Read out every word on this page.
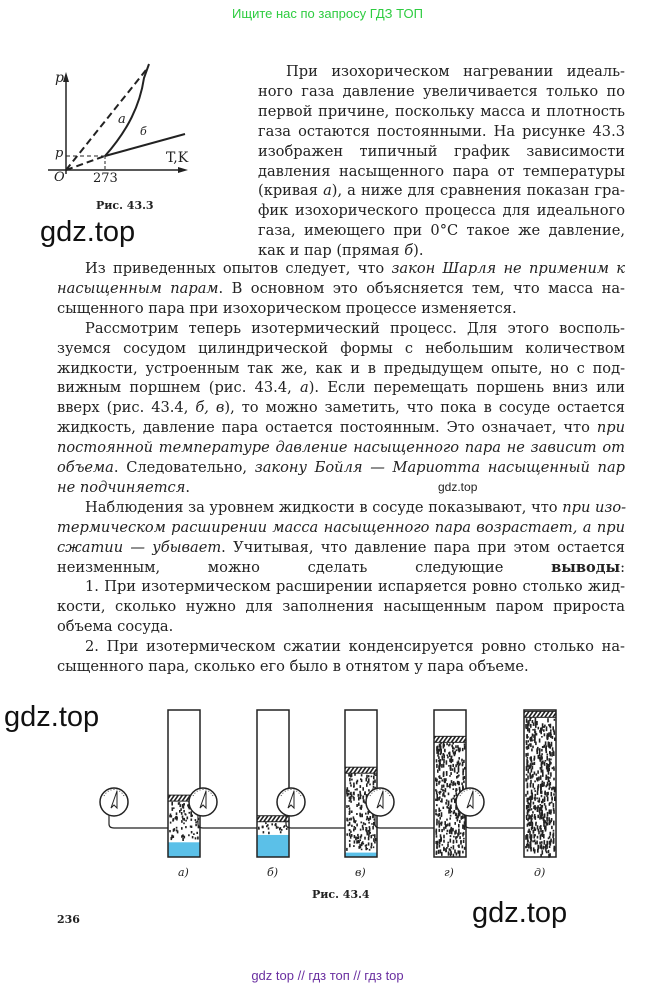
Ищите нас по запросу ГДЗ ТОП
p
p	T,K
O 273
а
б
Рис. 43.3
gdz.top
При изохорическом нагревании идеаль-
ного газа давление увеличивается только по
первой причине, поскольку масса и плотность
газа остаются постоянными. На рисунке 43.3
изображен типичный график зависимости
давления насыщенного пара от температуры
(кривая а), а ниже для сравнения показан гра-
фик изохорического процесса для идеального
газа, имеющего при 0°С такое же давление,
как и пар (прямая б).
Из приведенных опытов следует, что закон Шарля не применим к
насыщенным парам. В основном это объясняется тем, что масса на-
сыщенного пара при изохорическом процессе изменяется.
Рассмотрим теперь изотермический процесс. Для этого восполь-
зуемся сосудом цилиндрической формы с небольшим количеством
жидкости, устроенным так же, как и в предыдущем опыте, но с под-
вижным поршнем (рис. 43.4, а). Если перемещать поршень вниз или
вверх (рис. 43.4, б, в), то можно заметить, что пока в сосуде остается
жидкость, давление пара остается постоянным. Это означает, что при
постоянной температуре давление насыщенного пара не зависит от
объема. Следовательно, закону Бойля — Мариотта насыщенный пар
не подчиняется.
Наблюдения за уровнем жидкости в сосуде показывают, что при изо-
термическом расширении масса насыщенного пара возрастает, а при
сжатии — убывает. Учитывая, что давление пара при этом остается
неизменным, можно сделать следующие выводы:
1. При изотермическом расширении испаряется ровно столько жид-
кости, сколько нужно для заполнения насыщенным паром прироста
объема сосуда.
2. При изотермическом сжатии конденсируется ровно столько на-
сыщенного пара, сколько его было в отнятом у пара объеме.
gdz.top
gdz.top
а)	б)	в)	г)	д)
Рис. 43.4
236	gdz.top
gdz top // гдз топ // гдз top
